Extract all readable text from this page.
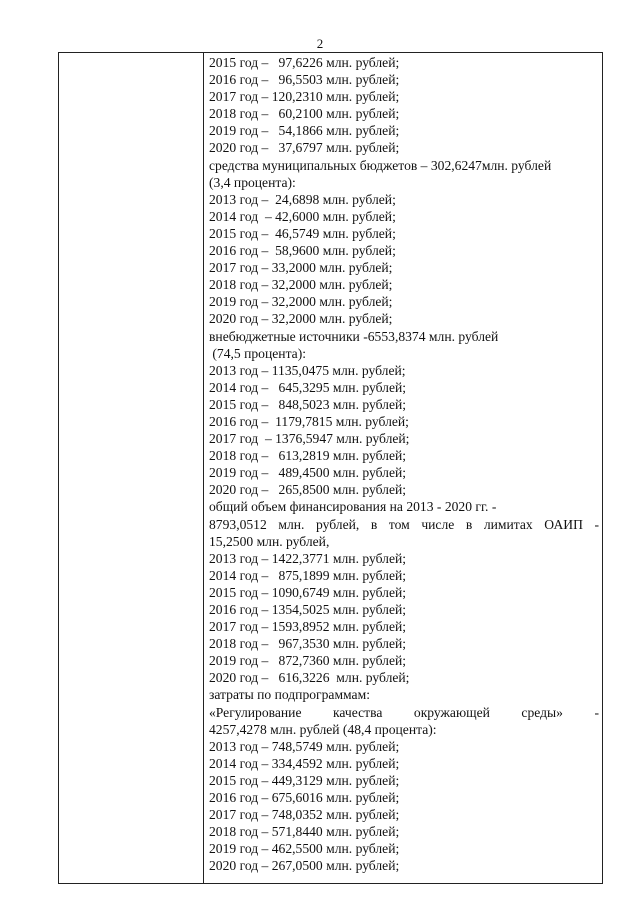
2
2015 год –   97,6226 млн. рублей;
2016 год –   96,5503 млн. рублей;
2017 год – 120,2310 млн. рублей;
2018 год –   60,2100 млн. рублей;
2019 год –   54,1866 млн. рублей;
2020 год –   37,6797 млн. рублей;
средства муниципальных бюджетов – 302,6247млн. рублей
(3,4 процента):
2013 год –  24,6898 млн. рублей;
2014 год  – 42,6000 млн. рублей;
2015 год –  46,5749 млн. рублей;
2016 год –  58,9600 млн. рублей;
2017 год – 33,2000 млн. рублей;
2018 год – 32,2000 млн. рублей;
2019 год – 32,2000 млн. рублей;
2020 год – 32,2000 млн. рублей;
внебюджетные источники -6553,8374 млн. рублей
(74,5 процента):
2013 год – 1135,0475 млн. рублей;
2014 год –   645,3295 млн. рублей;
2015 год –   848,5023 млн. рублей;
2016 год –  1179,7815 млн. рублей;
2017 год  – 1376,5947 млн. рублей;
2018 год –   613,2819 млн. рублей;
2019 год –   489,4500 млн. рублей;
2020 год –   265,8500 млн. рублей;
общий объем финансирования на 2013 - 2020 гг. -
8793,0512 млн. рублей, в том числе в лимитах ОАИП -
15,2500 млн. рублей,
2013 год – 1422,3771 млн. рублей;
2014 год –   875,1899 млн. рублей;
2015 год – 1090,6749 млн. рублей;
2016 год – 1354,5025 млн. рублей;
2017 год – 1593,8952 млн. рублей;
2018 год –   967,3530 млн. рублей;
2019 год –   872,7360 млн. рублей;
2020 год –   616,3226  млн. рублей;
затраты по подпрограммам:
«Регулирование качества окружающей среды» -
4257,4278 млн. рублей (48,4 процента):
2013 год – 748,5749 млн. рублей;
2014 год – 334,4592 млн. рублей;
2015 год – 449,3129 млн. рублей;
2016 год – 675,6016 млн. рублей;
2017 год – 748,0352 млн. рублей;
2018 год – 571,8440 млн. рублей;
2019 год – 462,5500 млн. рублей;
2020 год – 267,0500 млн. рублей;
